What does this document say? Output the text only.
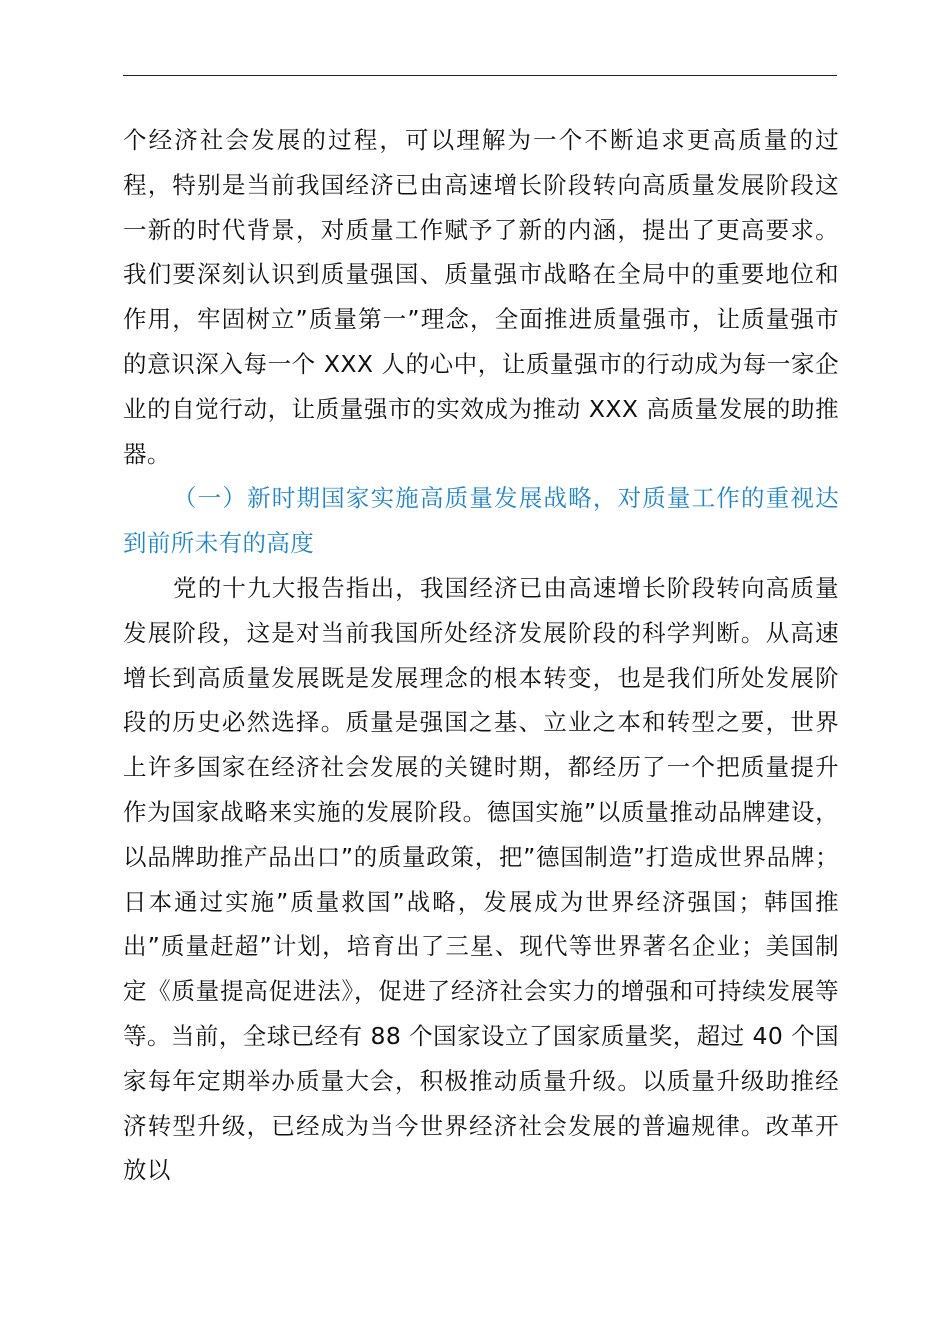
个经济社会发展的过程，可以理解为一个不断追求更高质量的过程，特别是当前我国经济已由高速增长阶段转向高质量发展阶段这一新的时代背景，对质量工作赋予了新的内涵，提出了更高要求。我们要深刻认识到质量强国、质量强市战略在全局中的重要地位和作用，牢固树立”质量第一”理念，全面推进质量强市，让质量强市的意识深入每一个 XXX 人的心中，让质量强市的行动成为每一家企业的自觉行动，让质量强市的实效成为推动 XXX 高质量发展的助推器。

（一）新时期国家实施高质量发展战略，对质量工作的重视达到前所未有的高度

党的十九大报告指出，我国经济已由高速增长阶段转向高质量发展阶段，这是对当前我国所处经济发展阶段的科学判断。从高速增长到高质量发展既是发展理念的根本转变，也是我们所处发展阶段的历史必然选择。质量是强国之基、立业之本和转型之要，世界上许多国家在经济社会发展的关键时期，都经历了一个把质量提升作为国家战略来实施的发展阶段。德国实施”以质量推动品牌建设，以品牌助推产品出口”的质量政策，把”德国制造”打造成世界品牌；日本通过实施”质量救国”战略，发展成为世界经济强国；韩国推出”质量赶超”计划，培育出了三星、现代等世界著名企业；美国制定《质量提高促进法》，促进了经济社会实力的增强和可持续发展等等。当前，全球已经有 88 个国家设立了国家质量奖，超过 40 个国家每年定期举办质量大会，积极推动质量升级。以质量升级助推经济转型升级，已经成为当今世界经济社会发展的普遍规律。改革开放以
